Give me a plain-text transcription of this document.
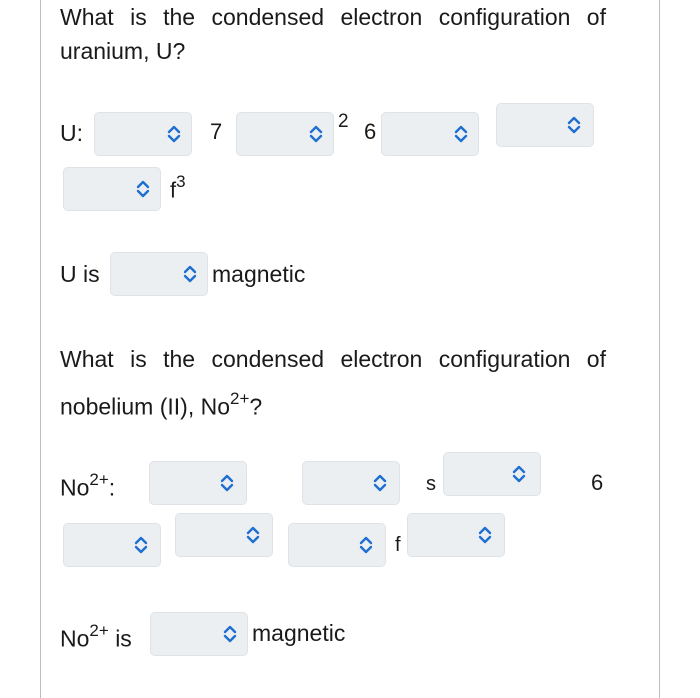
What is the condensed electron configuration of uranium, U?
U:	7	2 6
$f^3$
U is	magnetic
What is the condensed electron configuration of nobelium (II), $No^{2+}$?
$No^{2+}$:	s	6
f
$No^{2+}$ is	magnetic
